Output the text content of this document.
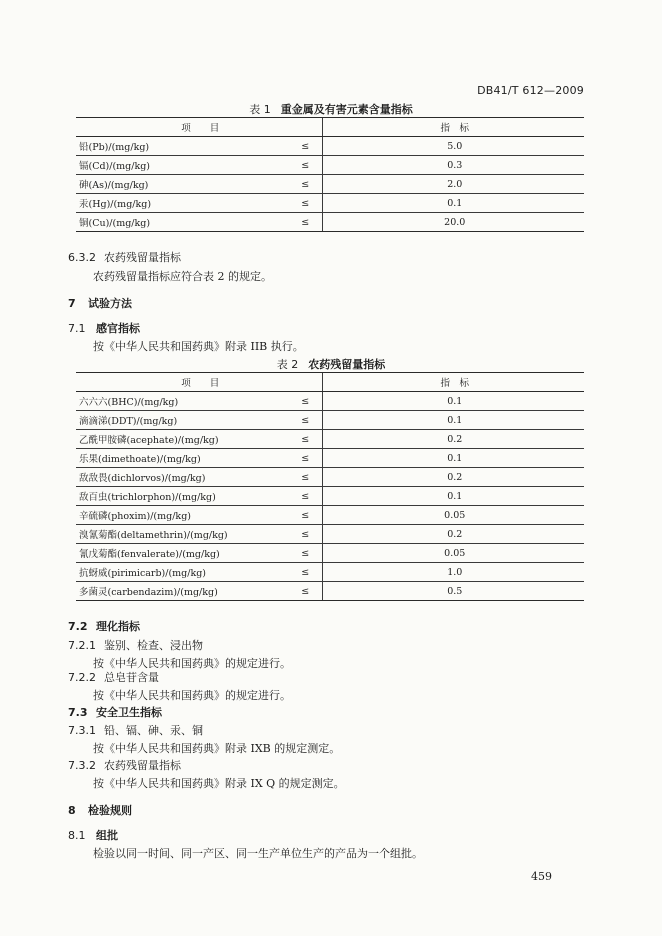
DB41/T 612—2009
表 1 重金属及有害元素含量指标
项　　目		指　标
铅(Pb)/(mg/kg)	≤	5.0
镉(Cd)/(mg/kg)	≤	0.3
砷(As)/(mg/kg)	≤	2.0
汞(Hg)/(mg/kg)	≤	0.1
铜(Cu)/(mg/kg)	≤	20.0
6.3.2 农药残留量指标
农药残留量指标应符合表 2 的规定。
7 试验方法
7.1 感官指标
按《中华人民共和国药典》附录 IIB 执行。
表 2 农药残留量指标
项　　目		指　标
六六六(BHC)/(mg/kg)	≤	0.1
滴滴涕(DDT)/(mg/kg)	≤	0.1
乙酰甲胺磷(acephate)/(mg/kg)	≤	0.2
乐果(dimethoate)/(mg/kg)	≤	0.1
敌敌畏(dichlorvos)/(mg/kg)	≤	0.2
敌百虫(trichlorphon)/(mg/kg)	≤	0.1
辛硫磷(phoxim)/(mg/kg)	≤	0.05
溴氰菊酯(deltamethrin)/(mg/kg)	≤	0.2
氰戊菊酯(fenvalerate)/(mg/kg)	≤	0.05
抗蚜威(pirimicarb)/(mg/kg)	≤	1.0
多菌灵(carbendazim)/(mg/kg)	≤	0.5
7.2 理化指标
7.2.1 鉴别、检查、浸出物
按《中华人民共和国药典》的规定进行。
7.2.2 总皂苷含量
按《中华人民共和国药典》的规定进行。
7.3 安全卫生指标
7.3.1 铅、镉、砷、汞、铜
按《中华人民共和国药典》附录 IXB 的规定测定。
7.3.2 农药残留量指标
按《中华人民共和国药典》附录 IX Q 的规定测定。
8 检验规则
8.1 组批
检验以同一时间、同一产区、同一生产单位生产的产品为一个组批。
459
